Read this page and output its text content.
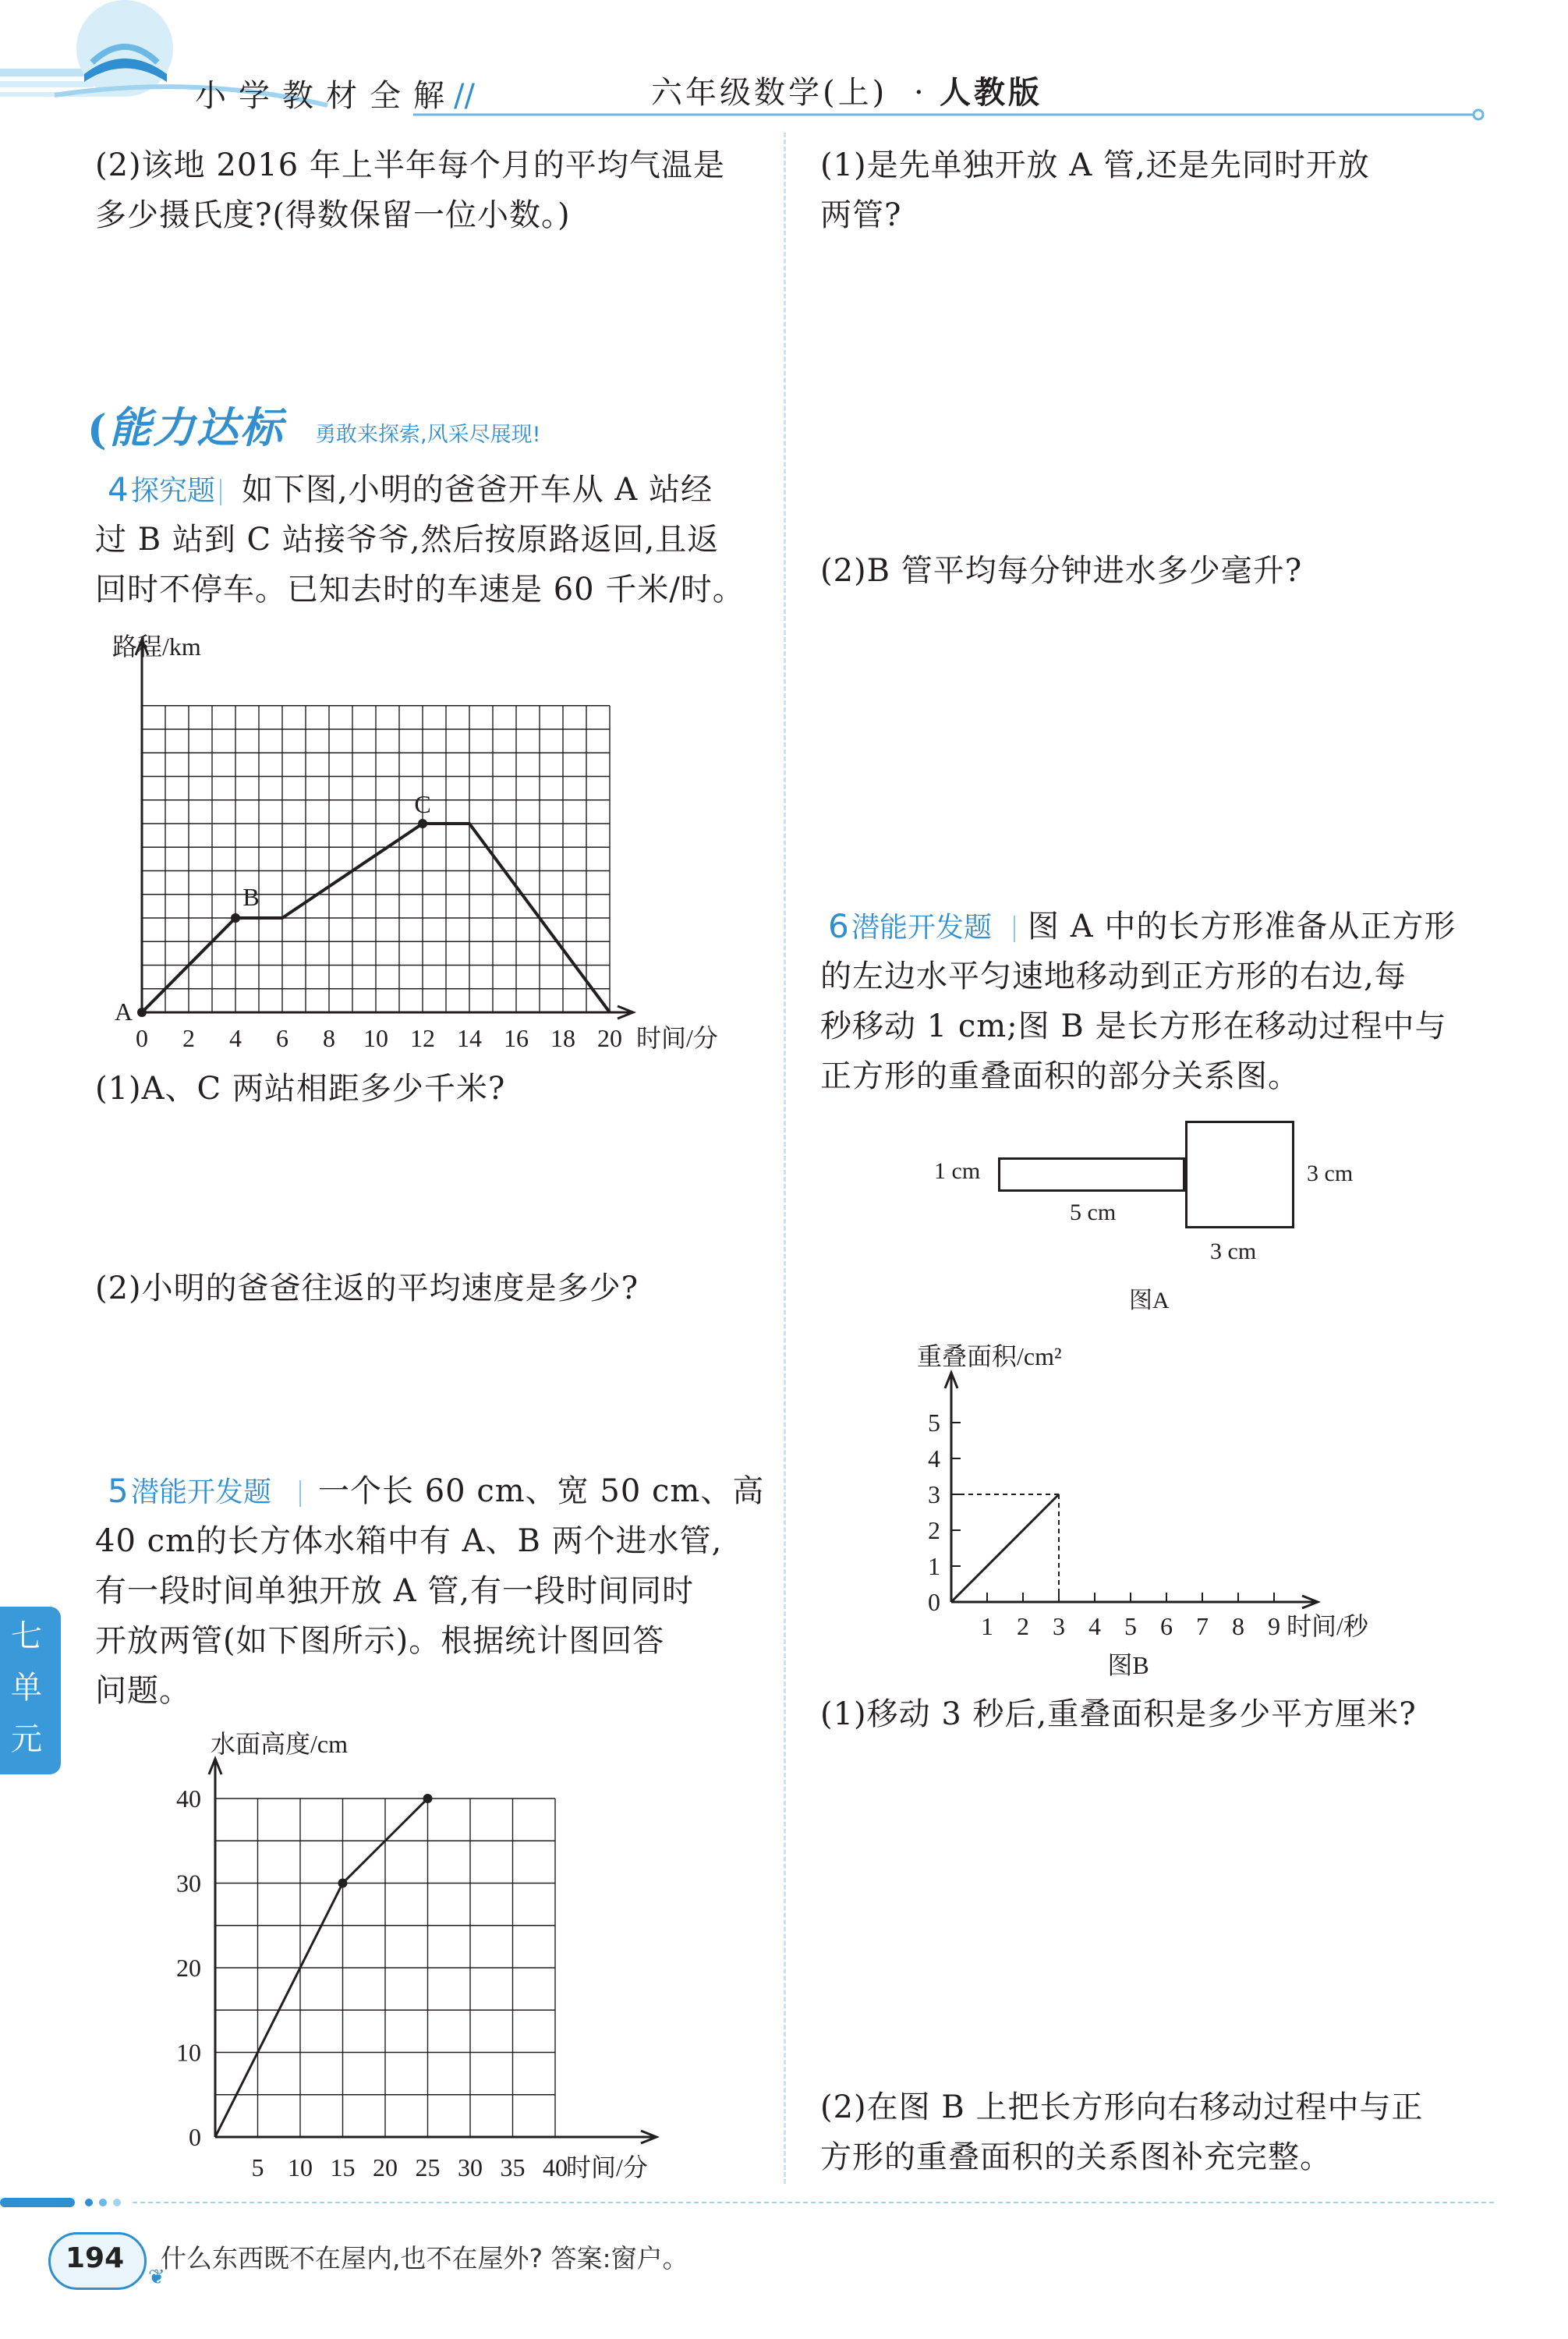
小学教材全解
//	六年级数学(上) · 人教版
(2)该地 2016 年上半年每个月的平均气温是
多少摄氏度?(得数保留一位小数。)
( 能力达标 勇敢来探索,风采尽展现!
4 探究题 如下图,小明的爸爸开车从 A 站经
过 B 站到 C 站接爷爷,然后按原路返回,且返
回时不停车。已知去时的车速是 60 千米/时。
路程/km
0 2 4 6 8 10 12 14 16 18 20 时间/分
A
B
C
(1)A、C 两站相距多少千米?
(2)小明的爸爸往返的平均速度是多少?
5 潜能开发题 一个长 60 cm、宽 50 cm、高
40 cm的长方体水箱中有 A、B 两个进水管,
有一段时间单独开放 A 管,有一段时间同时
开放两管(如下图所示)。根据统计图回答
问题。
水面高度/cm
0
10
20
30
40
5 10 15 20 25 30 35 40
时间/分
七
单
元
(1)是先单独开放 A 管,还是先同时开放
两管?
(2)B 管平均每分钟进水多少毫升?
6 潜能开发题 图 A 中的长方形准备从正方形
的左边水平匀速地移动到正方形的右边,每
秒移动 1 cm;图 B 是长方形在移动过程中与
正方形的重叠面积的部分关系图。
1 cm
5 cm
3 cm
3 cm
图A
重叠面积/cm²
0
1
2
3
4
5
1 2 3 4 5 6 7 8 9 时间/秒
图B
(1)移动 3 秒后,重叠面积是多少平方厘米?
(2)在图 B 上把长方形向右移动过程中与正
方形的重叠面积的关系图补充完整。
194
❦
什么东西既不在屋内,也不在屋外? 答案:窗户。
